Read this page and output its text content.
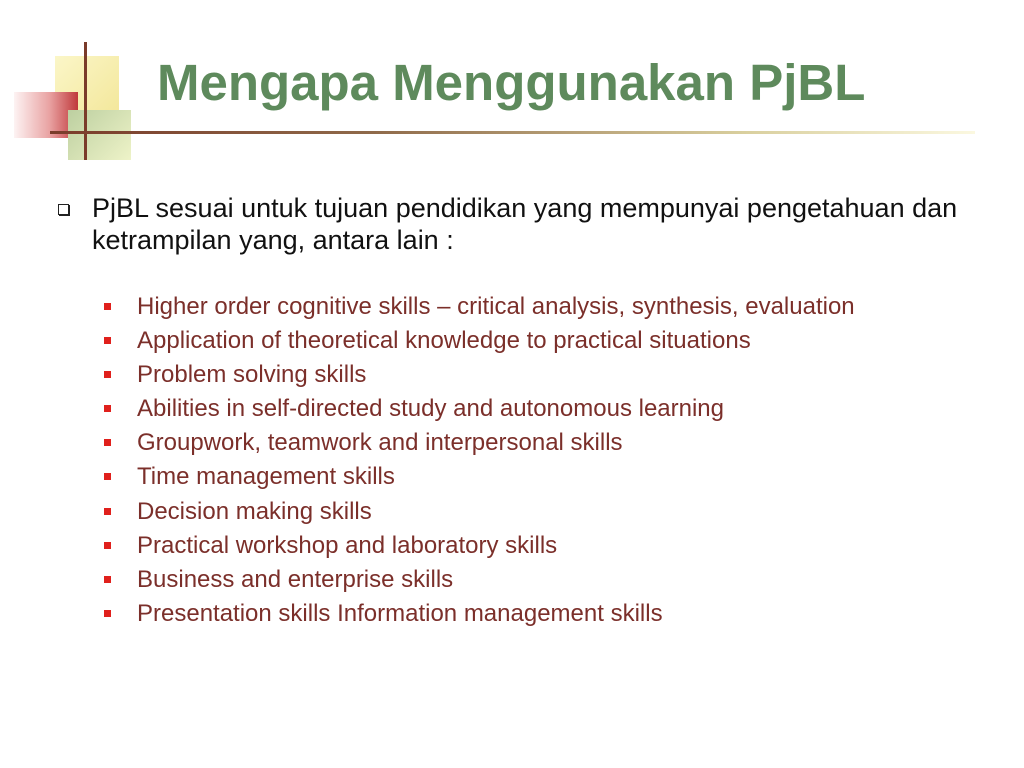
Mengapa Menggunakan PjBL

PjBL sesuai untuk tujuan pendidikan yang mempunyai pengetahuan dan ketrampilan yang, antara lain :

Higher order cognitive skills – critical analysis, synthesis, evaluation
Application of theoretical knowledge to practical situations
Problem solving skills
Abilities in self-directed study and autonomous learning
Groupwork, teamwork and interpersonal skills
Time management skills
Decision making skills
Practical workshop and laboratory skills
Business and enterprise skills
Presentation skills Information management skills
